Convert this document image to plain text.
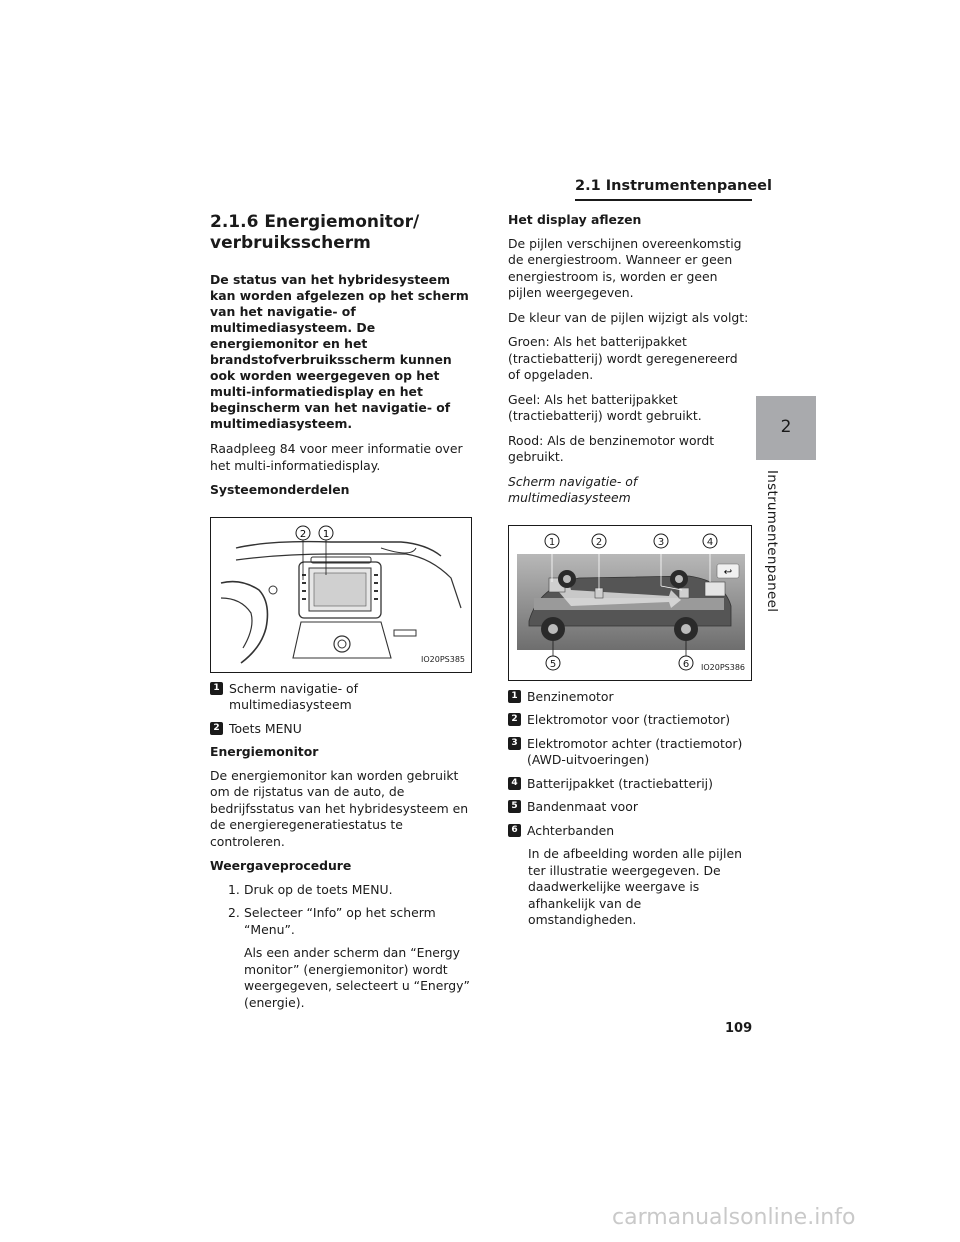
2.1 Instrumentenpaneel
2
Instrumentenpaneel
2.1.6 Energiemonitor/
verbruiksscherm

De status van het hybridesysteem kan worden afgelezen op het scherm van het navigatie- of multimediasysteem. De energiemonitor en het brandstofverbruiksscherm kunnen ook worden weergegeven op het multi-informatiedisplay en het beginscherm van het navigatie- of multimediasysteem.

Raadpleeg 84 voor meer informatie over het multi-informatiedisplay.

Systeemonderdelen

2 1
IO20PS385
1 Scherm navigatie- of multimediasysteem
2 Toets MENU

Energiemonitor

De energiemonitor kan worden gebruikt om de rijstatus van de auto, de bedrijfsstatus van het hybridesysteem en de energieregeneratiestatus te controleren.

Weergaveprocedure

1. Druk op de toets MENU.
2. Selecteer “Info” op het scherm “Menu”.

Als een ander scherm dan “Energy monitor” (energiemonitor) wordt weergegeven, selecteert u “Energy” (energie).

Het display aflezen

De pijlen verschijnen overeenkomstig de energiestroom. Wanneer er geen energiestroom is, worden er geen pijlen weergegeven.

De kleur van de pijlen wijzigt als volgt:

Groen: Als het batterijpakket (tractiebatterij) wordt geregenereerd of opgeladen.

Geel: Als het batterijpakket (tractiebatterij) wordt gebruikt.

Rood: Als de benzinemotor wordt gebruikt.

Scherm navigatie- of multimediasysteem

↩
1	2	3	4
5	6 IO20PS386
1 Benzinemotor
2 Elektromotor voor (tractiemotor)
3 Elektromotor achter (tractiemotor) (AWD-uitvoeringen)
4 Batterijpakket (tractiebatterij)
5 Bandenmaat voor
6 Achterbanden

In de afbeelding worden alle pijlen ter illustratie weergegeven. De daadwerkelijke weergave is afhankelijk van de omstandigheden.

109
carmanualsonline.info
